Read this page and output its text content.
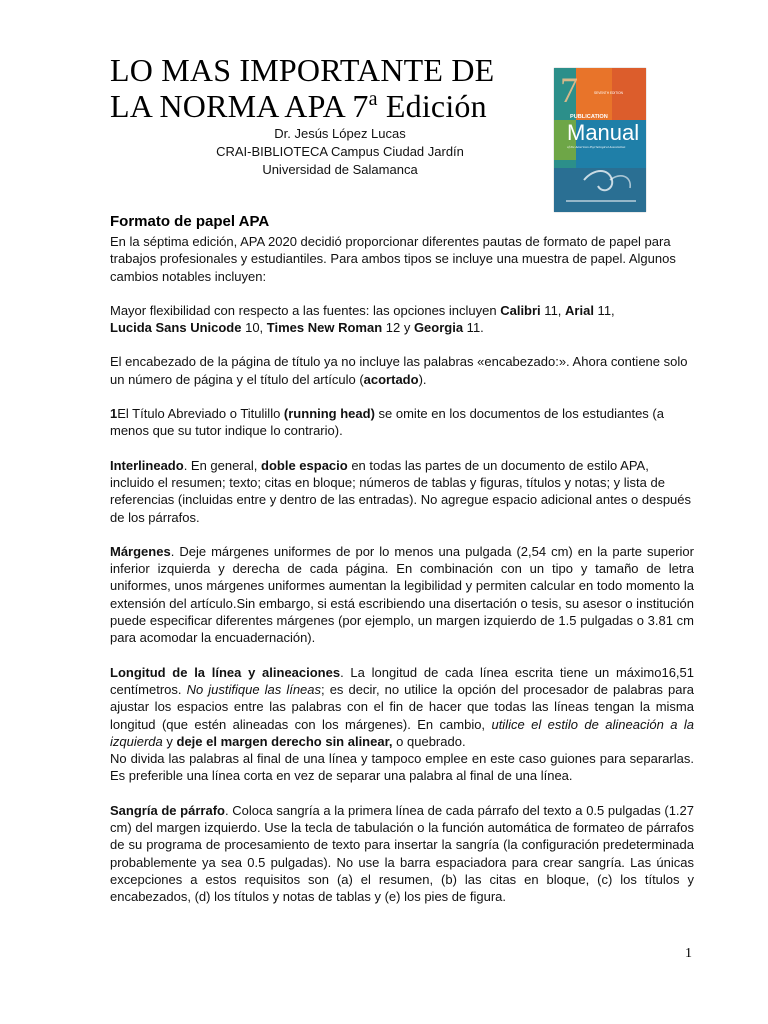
LO MAS IMPORTANTE DE
LA NORMA APA 7$^a$ Edición
Dr. Jesús López Lucas
CRAI-BIBLIOTECA Campus Ciudad Jardín
Universidad de Salamanca
7	SEVENTH EDITION
PUBLICATION
Manual
of the American Psychological Association
Formato de papel APA

En la séptima edición, APA 2020 decidió proporcionar diferentes pautas de formato de papel para trabajos profesionales y estudiantiles. Para ambos tipos se incluye una muestra de papel. Algunos cambios notables incluyen:

Mayor flexibilidad con respecto a las fuentes: las opciones incluyen Calibri 11, Arial 11,
Lucida Sans Unicode 10, Times New Roman 12 y Georgia 11.

El encabezado de la página de título ya no incluye las palabras «encabezado:». Ahora contiene solo un número de página y el título del artículo (acortado).

1El Título Abreviado o Titulillo (running head) se omite en los documentos de los estudiantes (a menos que su tutor indique lo contrario).

Interlineado. En general, doble espacio en todas las partes de un documento de estilo APA, incluido el resumen; texto; citas en bloque; números de tablas y figuras, títulos y notas; y lista de referencias (incluidas entre y dentro de las entradas). No agregue espacio adicional antes o después de los párrafos.

Márgenes. Deje márgenes uniformes de por lo menos una pulgada (2,54 cm) en la parte superior inferior izquierda y derecha de cada página. En combinación con un tipo y tamaño de letra uniformes, unos márgenes uniformes aumentan la legibilidad y permiten calcular en todo momento la extensión del artículo.Sin embargo, si está escribiendo una disertación o tesis, su asesor o institución puede especificar diferentes márgenes (por ejemplo, un margen izquierdo de 1.5 pulgadas o 3.81 cm para acomodar la encuadernación).

Longitud de la línea y alineaciones. La longitud de cada línea escrita tiene un máximo16,51 centímetros. No justifique las líneas; es decir, no utilice la opción del procesador de palabras para ajustar los espacios entre las palabras con el fin de hacer que todas las líneas tengan la misma longitud (que estén alineadas con los márgenes). En cambio, utilice el estilo de alineación a la izquierda y deje el margen derecho sin alinear, o quebrado.

No divida las palabras al final de una línea y tampoco emplee en este caso guiones para separarlas. Es preferible una línea corta en vez de separar una palabra al final de una línea.

Sangría de párrafo. Coloca sangría a la primera línea de cada párrafo del texto a 0.5 pulgadas (1.27 cm) del margen izquierdo. Use la tecla de tabulación o la función automática de formateo de párrafos de su programa de procesamiento de texto para insertar la sangría (la configuración predeterminada probablemente ya sea 0.5 pulgadas). No use la barra espaciadora para crear sangría. Las únicas excepciones a estos requisitos son (a) el resumen, (b) las citas en bloque, (c) los títulos y encabezados, (d) los títulos y notas de tablas y (e) los pies de figura.

1
